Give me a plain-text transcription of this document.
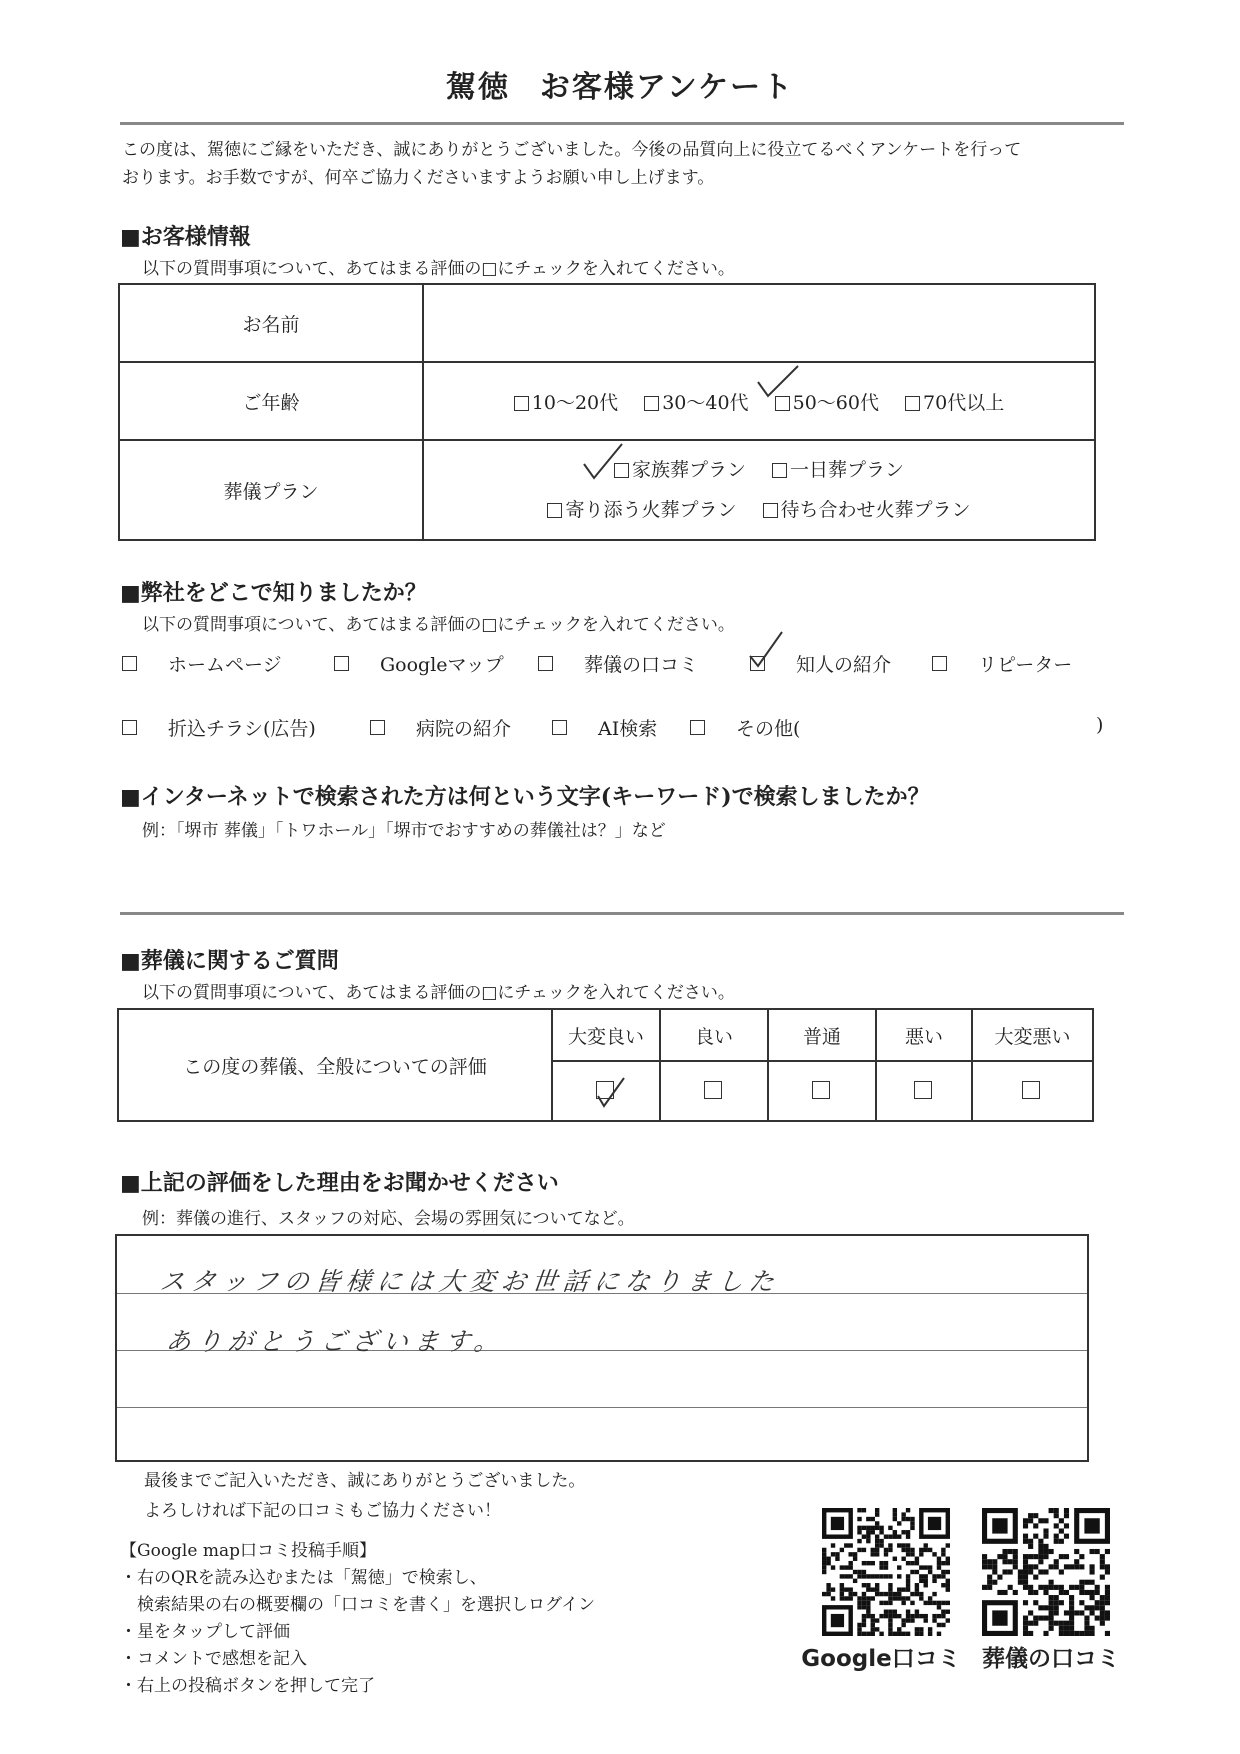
駕徳 お客様アンケート
この度は、駕徳にご縁をいただき、誠にありがとうございました。今後の品質向上に役立てるべくアンケートを行って
おります。お手数ですが、何卒ご協力くださいますようお願い申し上げます。
■お客様情報
以下の質問事項について、あてはまる評価の□にチェックを入れてください。
お名前	
ご年齢	10〜20代 30〜40代 50〜60代 70代以上
葬儀プラン	家族葬プラン 一日葬プラン
寄り添う火葬プラン 待ち合わせ火葬プラン
■弊社をどこで知りましたか？
以下の質問事項について、あてはまる評価の□にチェックを入れてください。
ホームページ	Googleマップ	葬儀の口コミ	知人の紹介	リピーター
折込チラシ(広告)	病院の紹介	AI検索	その他(	)
■インターネットで検索された方は何という文字(キーワード)で検索しましたか？
例：「堺市 葬儀」「トワホール」「堺市でおすすめの葬儀社は？」など
■葬儀に関するご質問
以下の質問事項について、あてはまる評価の□にチェックを入れてください。
この度の葬儀、全般についての評価	大変良い	良い	普通	悪い	大変悪い

■上記の評価をした理由をお聞かせください
例：葬儀の進行、スタッフの対応、会場の雰囲気についてなど。
スタッフの皆様には大変お世話になりました
ありがとうございます。
最後までご記入いただき、誠にありがとうございました。
よろしければ下記の口コミもご協力ください！
【Google map口コミ投稿手順】
・右のQRを読み込むまたは「駕徳」で検索し、
　検索結果の右の概要欄の「口コミを書く」を選択しログイン
・星をタップして評価
・コメントで感想を記入
・右上の投稿ボタンを押して完了
Google口コミ 葬儀の口コミ
